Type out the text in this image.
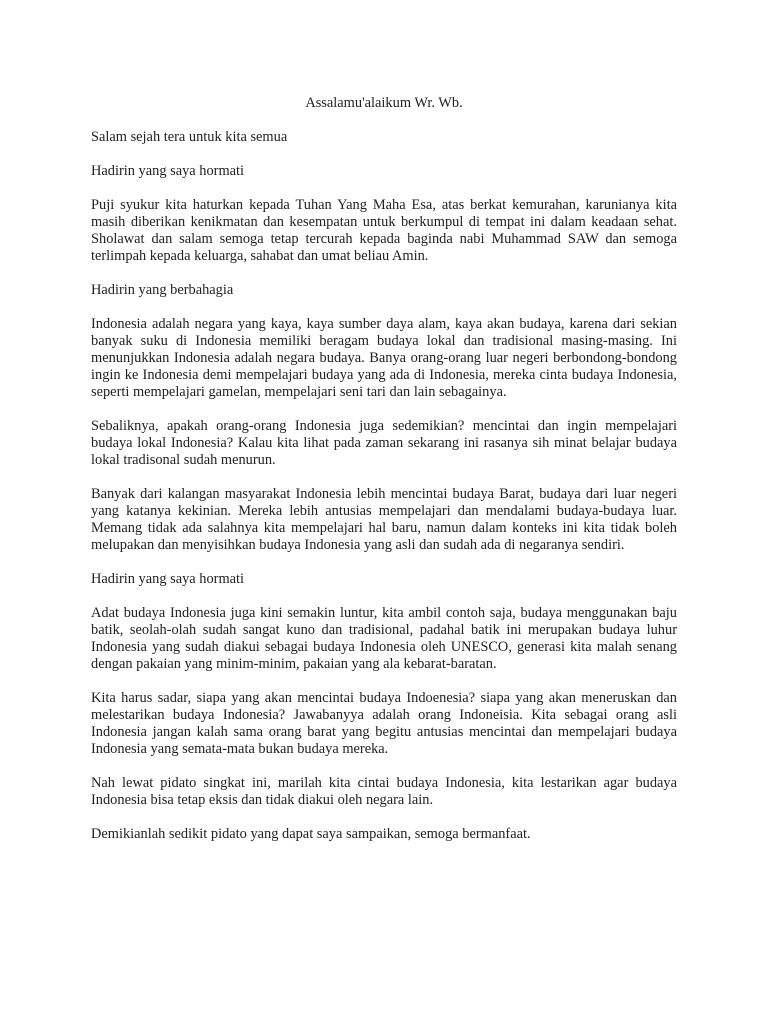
Assalamu'alaikum Wr. Wb.

Salam sejah tera untuk kita semua

Hadirin yang saya hormati

Puji syukur kita haturkan kepada Tuhan Yang Maha Esa, atas berkat kemurahan, karunianya kita masih diberikan kenikmatan dan kesempatan untuk berkumpul di tempat ini dalam keadaan sehat. Sholawat dan salam semoga tetap tercurah kepada baginda nabi Muhammad SAW dan semoga terlimpah kepada keluarga, sahabat dan umat beliau Amin.

Hadirin yang berbahagia

Indonesia adalah negara yang kaya, kaya sumber daya alam, kaya akan budaya, karena dari sekian banyak suku di Indonesia memiliki beragam budaya lokal dan tradisional masing-masing. Ini menunjukkan Indonesia adalah negara budaya. Banya orang-orang luar negeri berbondong-bondong ingin ke Indonesia demi mempelajari budaya yang ada di Indonesia, mereka cinta budaya Indonesia, seperti mempelajari gamelan, mempelajari seni tari dan lain sebagainya.

Sebaliknya, apakah orang-orang Indonesia juga sedemikian? mencintai dan ingin mempelajari budaya lokal Indonesia? Kalau kita lihat pada zaman sekarang ini rasanya sih minat belajar budaya lokal tradisonal sudah menurun.

Banyak dari kalangan masyarakat Indonesia lebih mencintai budaya Barat, budaya dari luar negeri yang katanya kekinian. Mereka lebih antusias mempelajari dan mendalami budaya-budaya luar. Memang tidak ada salahnya kita mempelajari hal baru, namun dalam konteks ini kita tidak boleh melupakan dan menyisihkan budaya Indonesia yang asli dan sudah ada di negaranya sendiri.

Hadirin yang saya hormati

Adat budaya Indonesia juga kini semakin luntur, kita ambil contoh saja, budaya menggunakan baju batik, seolah-olah sudah sangat kuno dan tradisional, padahal batik ini merupakan budaya luhur Indonesia yang sudah diakui sebagai budaya Indonesia oleh UNESCO, generasi kita malah senang dengan pakaian yang minim-minim, pakaian yang ala kebarat-baratan.

Kita harus sadar, siapa yang akan mencintai budaya Indoenesia? siapa yang akan meneruskan dan melestarikan budaya Indonesia? Jawabanyya adalah orang Indoneisia. Kita sebagai orang asli Indonesia jangan kalah sama orang barat yang begitu antusias mencintai dan mempelajari budaya Indonesia yang semata-mata bukan budaya mereka.

Nah lewat pidato singkat ini, marilah kita cintai budaya Indonesia, kita lestarikan agar budaya Indonesia bisa tetap eksis dan tidak diakui oleh negara lain.

Demikianlah sedikit pidato yang dapat saya sampaikan, semoga bermanfaat.
